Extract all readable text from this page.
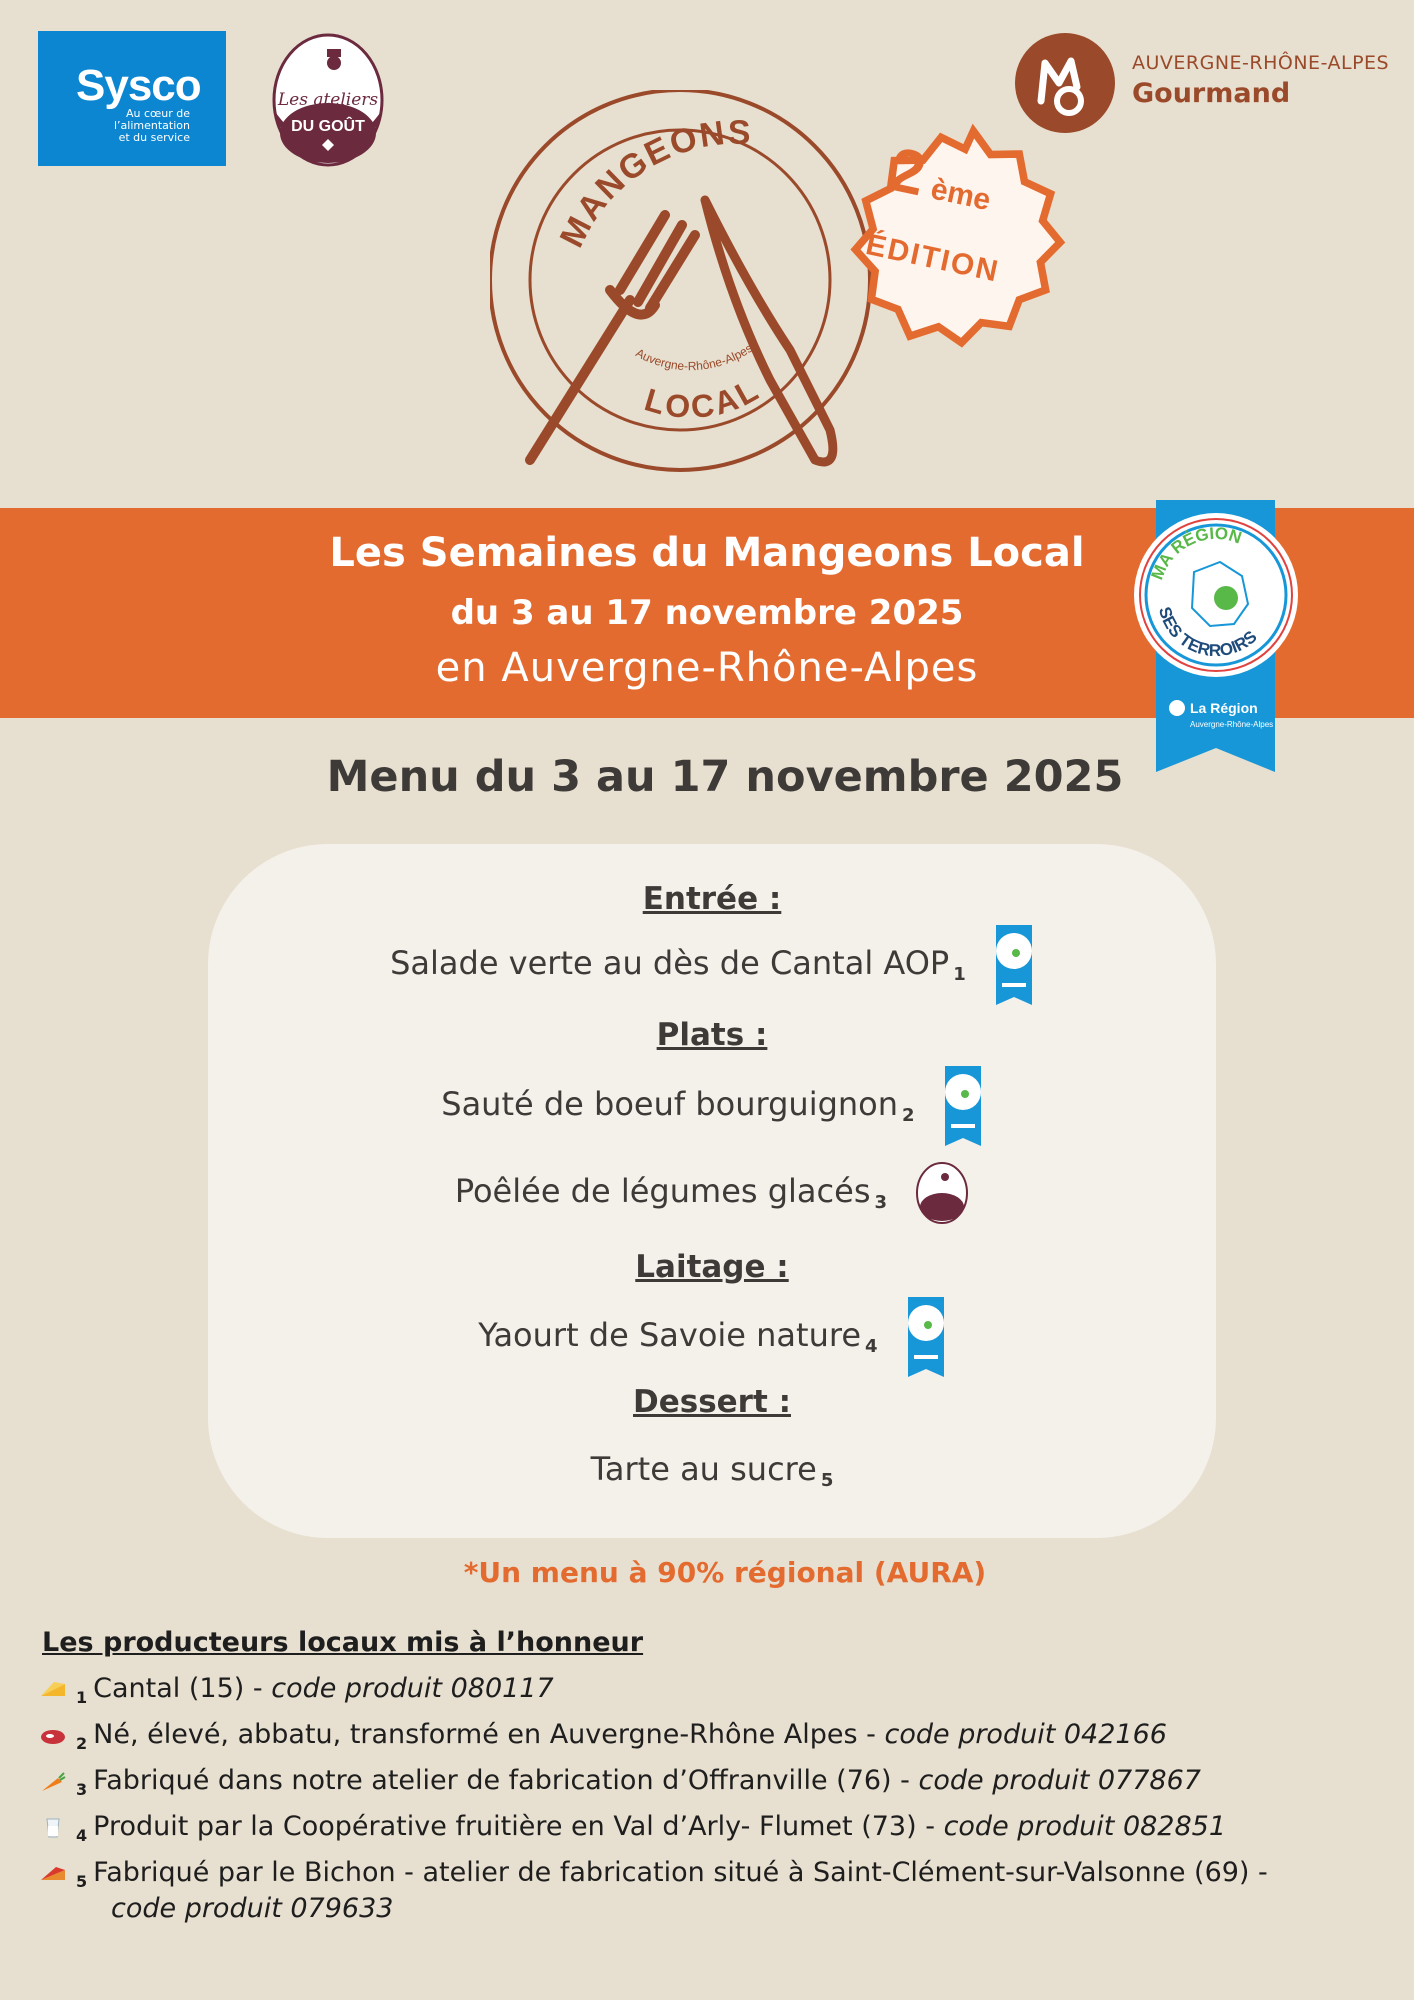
Sysco
Au cœur de l’alimentation et du service
Les ateliers
DU GOÛT
AUVERGNE-RHÔNE-ALPES
Gourmand
MANGEONS
LOCAL
Auvergne-Rhône-Alpes
2
ème
ÉDITION
Les Semaines du Mangeons Local
du 3 au 17 novembre 2025
en Auvergne-Rhône-Alpes
MA RÉGION
SES TERROIRS
La Région
Auvergne-Rhône-Alpes
Menu du 3 au 17 novembre 2025
Entrée :
Salade verte au dès de Cantal AOP 1
Plats :
Sauté de boeuf bourguignon 2
Poêlée de légumes glacés 3
Laitage :
Yaourt de Savoie nature 4
Dessert :
Tarte au sucre 5
*Un menu à 90% régional (AURA)
Les producteurs locaux mis à l’honneur
$_1$ Cantal (15) - code produit 080117
$_2$ Né, élevé, abbatu, transformé en Auvergne-Rhône Alpes - code produit 042166
$_3$ Fabriqué dans notre atelier de fabrication d’Offranville (76) - code produit 077867
$_4$ Produit par la Coopérative fruitière en Val d’Arly- Flumet (73) - code produit 082851
$_5$ Fabriqué par le Bichon - atelier de fabrication situé à Saint-Clément-sur-Valsonne (69) -
code produit 079633
